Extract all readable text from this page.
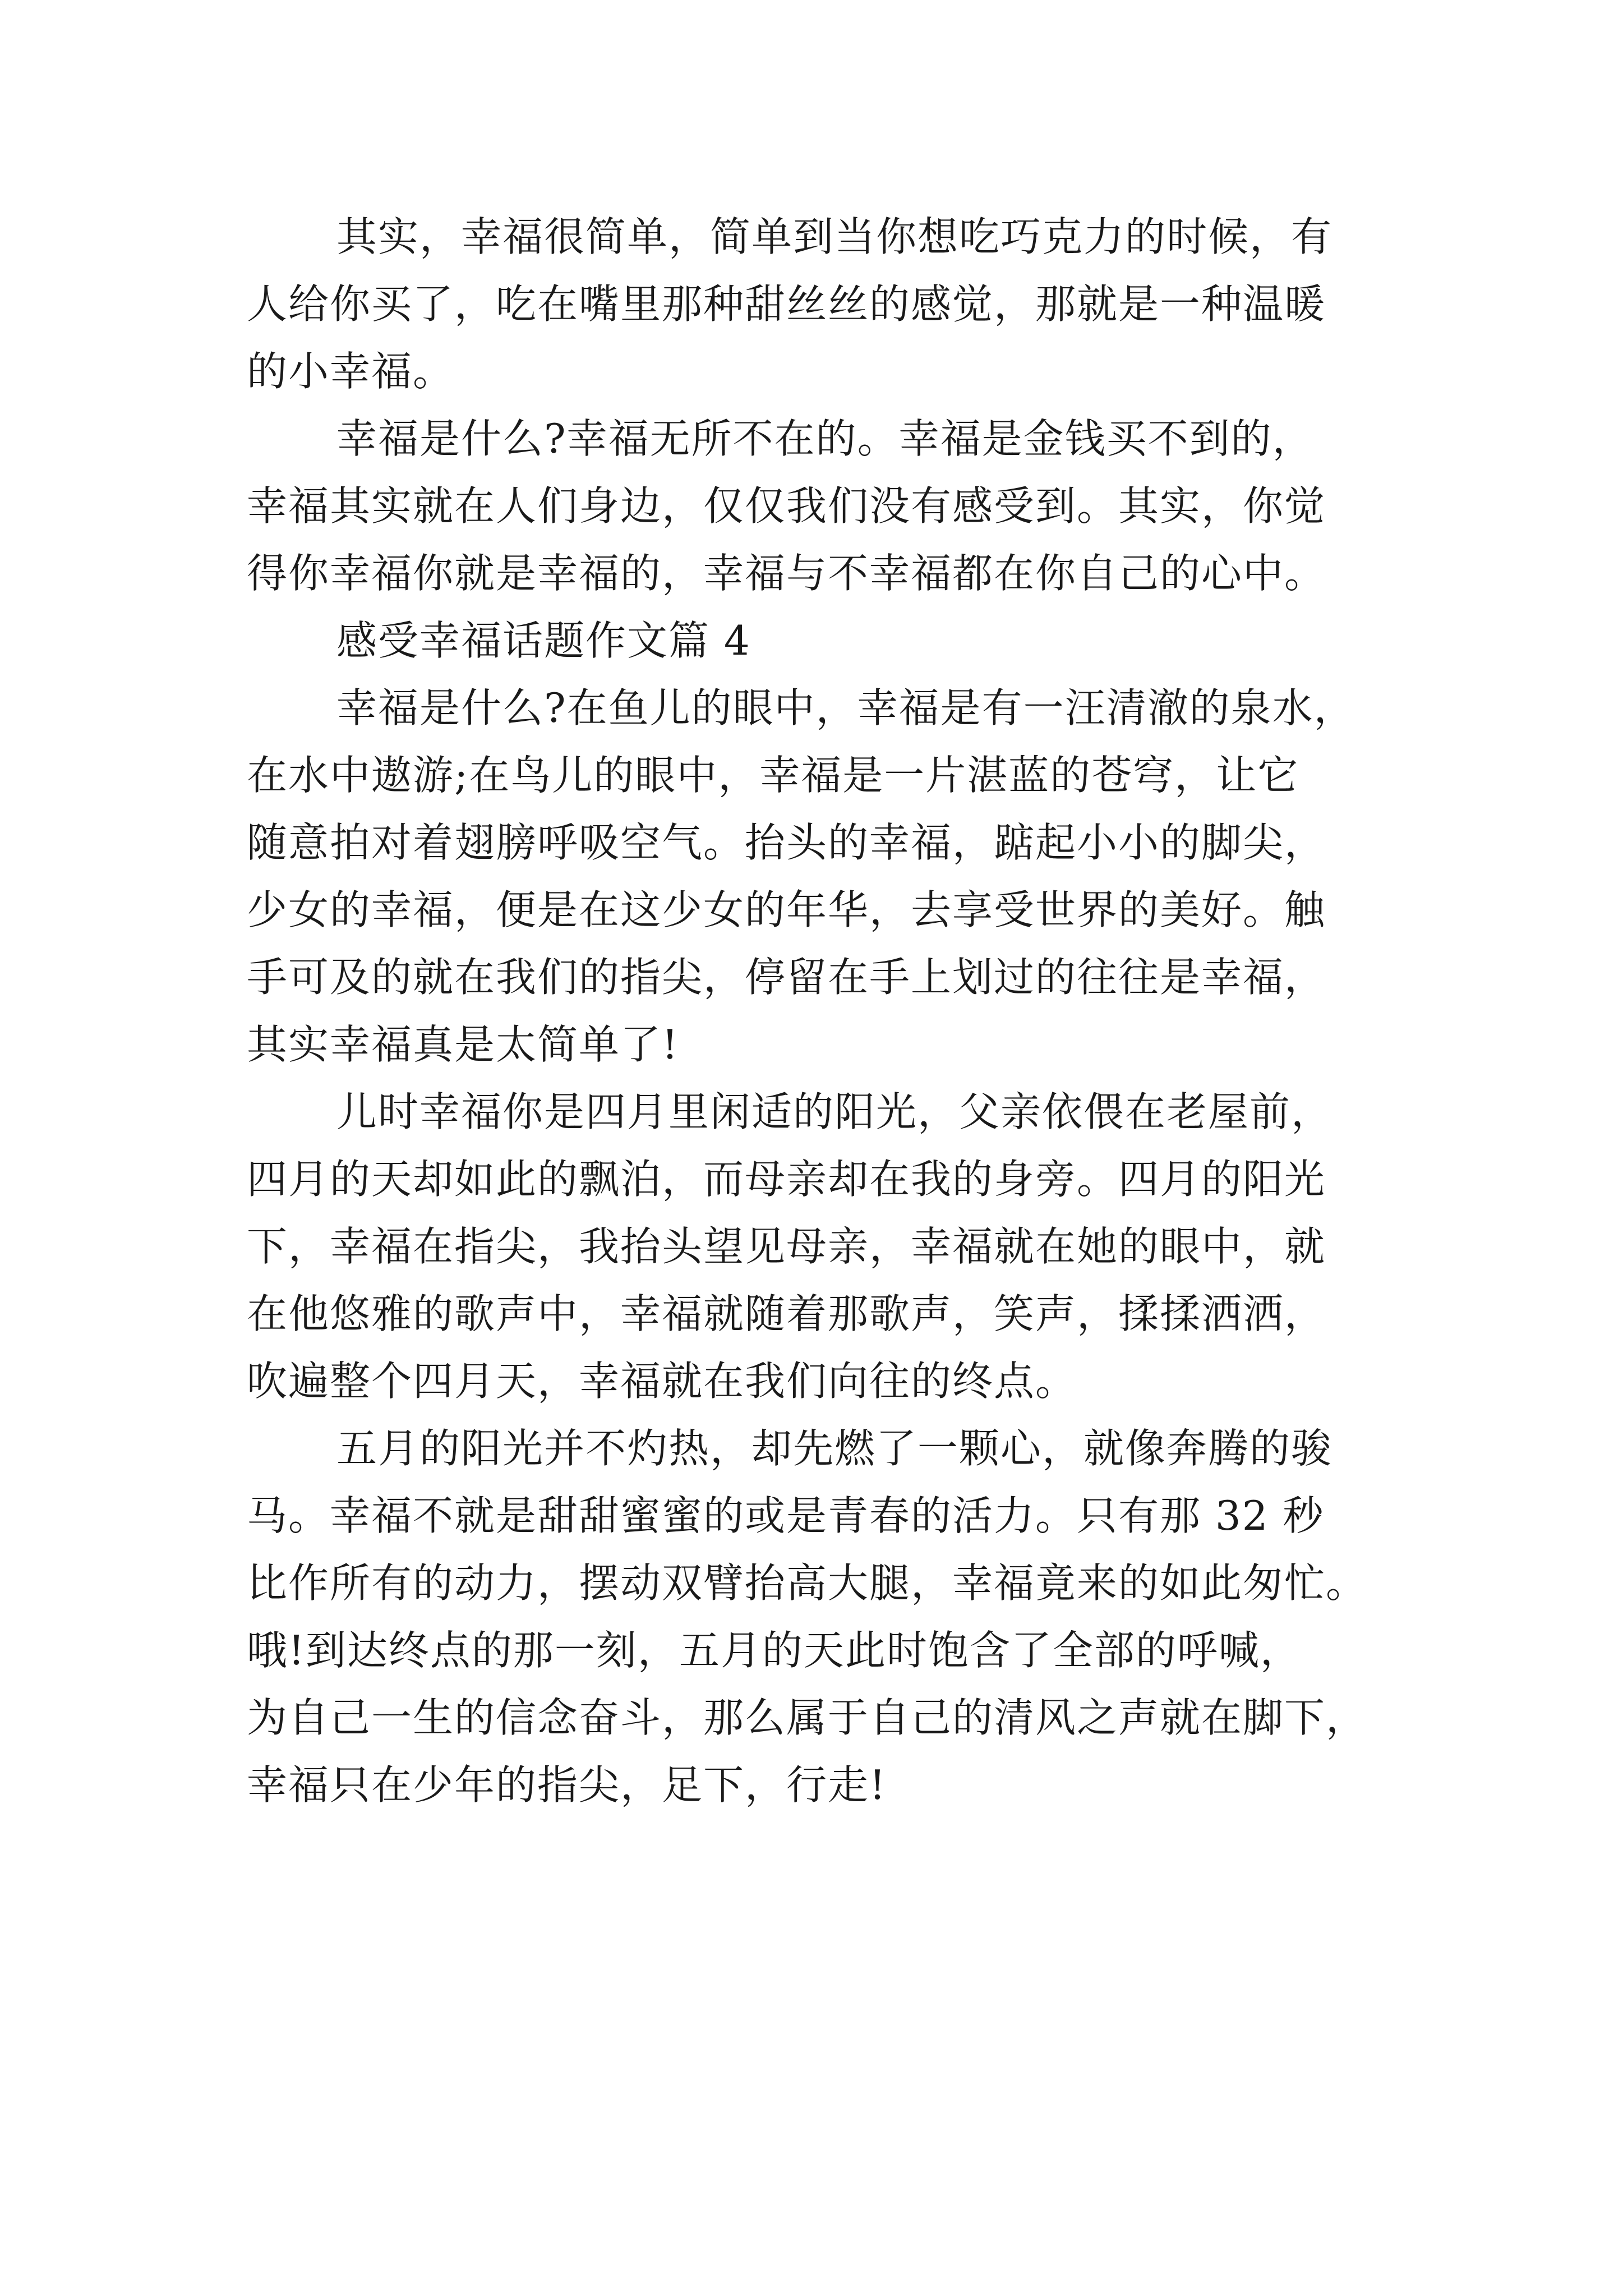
其实，幸福很简单，简单到当你想吃巧克力的时候，有
人给你买了，吃在嘴里那种甜丝丝的感觉，那就是一种温暖
的小幸福。
幸福是什么?幸福无所不在的。幸福是金钱买不到的，
幸福其实就在人们身边，仅仅我们没有感受到。其实，你觉
得你幸福你就是幸福的，幸福与不幸福都在你自己的心中。
感受幸福话题作文篇 4
幸福是什么?在鱼儿的眼中，幸福是有一汪清澈的泉水，
在水中遨游;在鸟儿的眼中，幸福是一片湛蓝的苍穹，让它
随意拍对着翅膀呼吸空气。抬头的幸福，踮起小小的脚尖，
少女的幸福，便是在这少女的年华，去享受世界的美好。触
手可及的就在我们的指尖，停留在手上划过的往往是幸福，
其实幸福真是太简单了!
儿时幸福你是四月里闲适的阳光，父亲依偎在老屋前，
四月的天却如此的飘泊，而母亲却在我的身旁。四月的阳光
下，幸福在指尖，我抬头望见母亲，幸福就在她的眼中，就
在他悠雅的歌声中，幸福就随着那歌声，笑声，揉揉洒洒，
吹遍整个四月天，幸福就在我们向往的终点。
五月的阳光并不灼热，却先燃了一颗心，就像奔腾的骏
马。幸福不就是甜甜蜜蜜的或是青春的活力。只有那 32 秒
比作所有的动力，摆动双臂抬高大腿，幸福竟来的如此匆忙。
哦!到达终点的那一刻，五月的天此时饱含了全部的呼喊，
为自己一生的信念奋斗，那么属于自己的清风之声就在脚下，
幸福只在少年的指尖，足下，行走!
